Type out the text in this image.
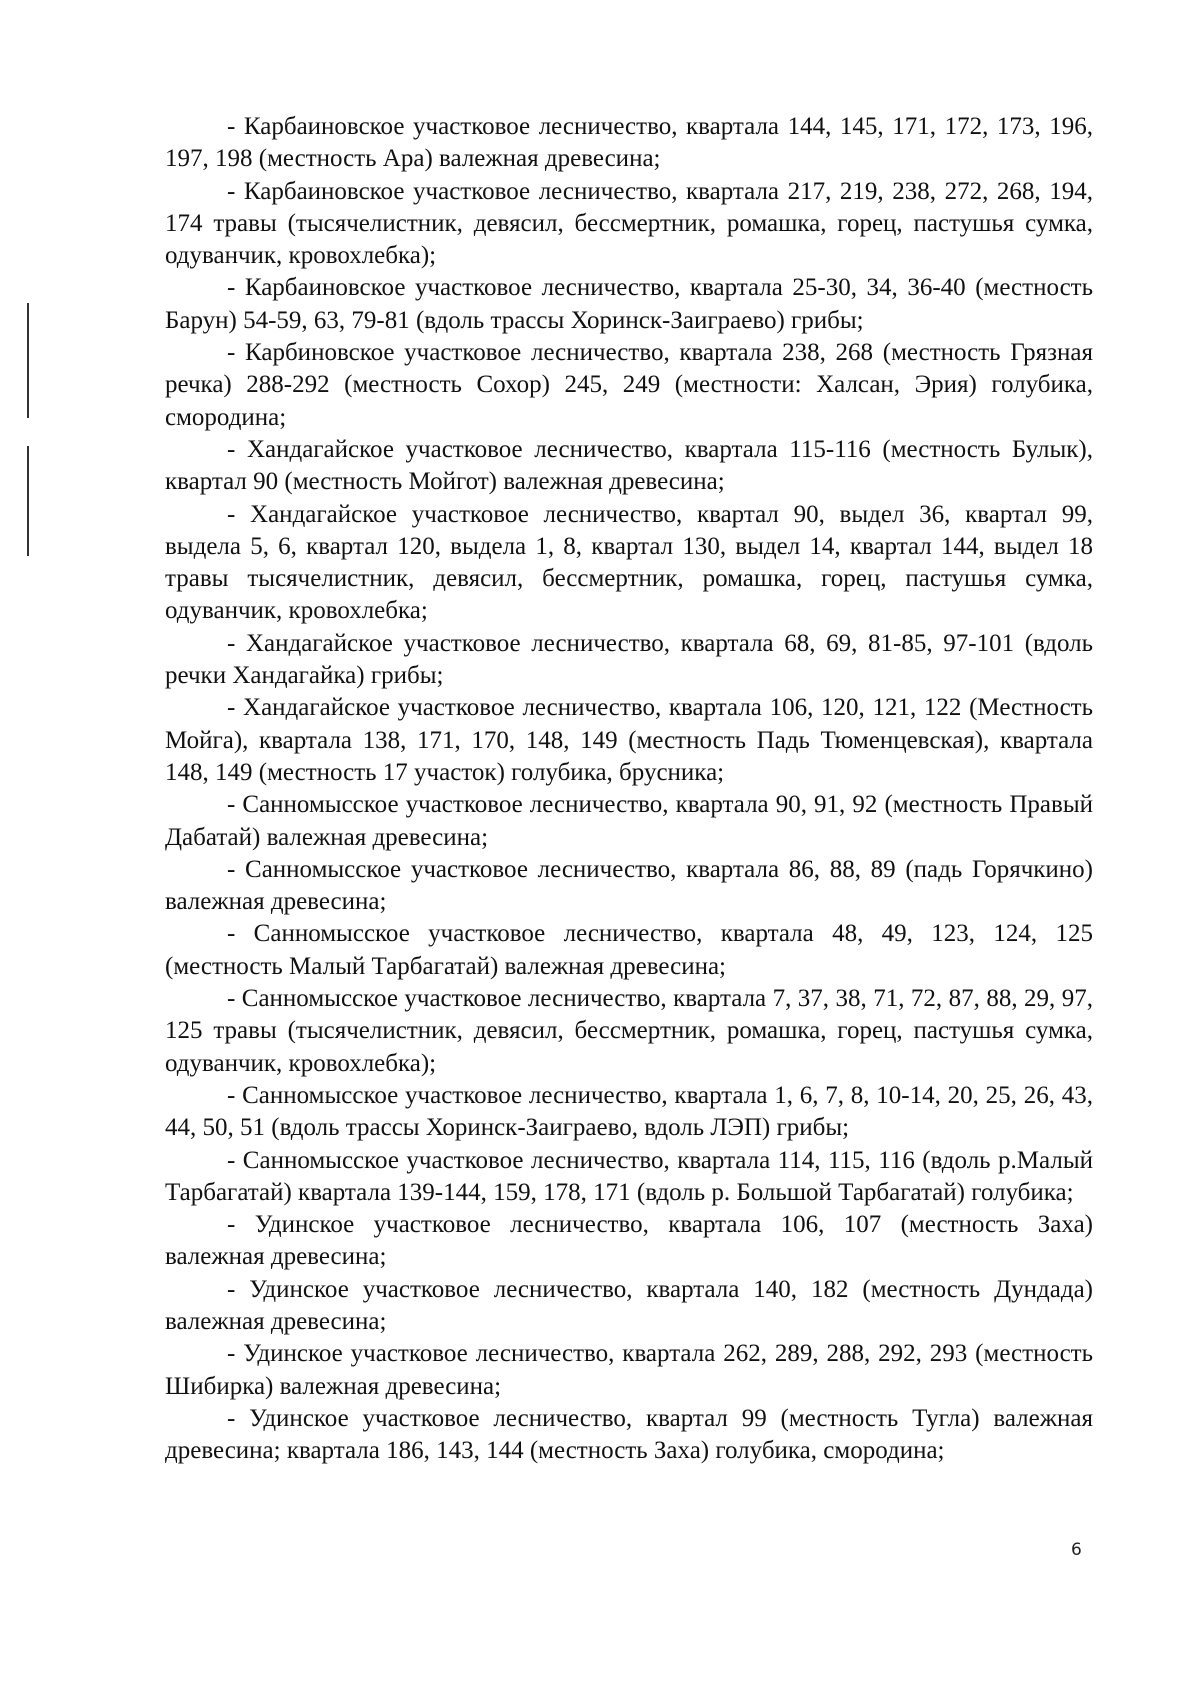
- Карбаиновское участковое лесничество, квартала 144, 145, 171, 172, 173, 196, 197, 198 (местность Ара) валежная древесина;

- Карбаиновское участковое лесничество, квартала 217, 219, 238, 272, 268, 194, 174 травы (тысячелистник, девясил, бессмертник, ромашка, горец, пастушья сумка, одуванчик, кровохлебка);

- Карбаиновское участковое лесничество, квартала 25-30, 34, 36-40 (местность Барун) 54-59, 63, 79-81 (вдоль трассы Хоринск-Заиграево) грибы;

- Карбиновское участковое лесничество, квартала 238, 268 (местность Грязная речка) 288-292 (местность Сохор) 245, 249 (местности: Халсан, Эрия) голубика, смородина;

- Хандагайское участковое лесничество, квартала 115-116 (местность Булык), квартал 90 (местность Мойгот) валежная древесина;

- Хандагайское участковое лесничество, квартал 90, выдел 36, квартал 99, выдела 5, 6, квартал 120, выдела 1, 8, квартал 130, выдел 14, квартал 144, выдел 18 травы тысячелистник, девясил, бессмертник, ромашка, горец, пастушья сумка, одуванчик, кровохлебка;

- Хандагайское участковое лесничество, квартала 68, 69, 81-85, 97-101 (вдоль речки Хандагайка) грибы;

- Хандагайское участковое лесничество, квартала 106, 120, 121, 122 (Местность Мойга), квартала 138, 171, 170, 148, 149 (местность Падь Тюменцевская), квартала 148, 149 (местность 17 участок) голубика, брусника;

- Санномысское участковое лесничество, квартала 90, 91, 92 (местность Правый Дабатай) валежная древесина;

- Санномысское участковое лесничество, квартала 86, 88, 89 (падь Горячкино) валежная древесина;

- Санномысское участковое лесничество, квартала 48, 49, 123, 124, 125 (местность Малый Тарбагатай) валежная древесина;

- Санномысское участковое лесничество, квартала 7, 37, 38, 71, 72, 87, 88, 29, 97, 125 травы (тысячелистник, девясил, бессмертник, ромашка, горец, пастушья сумка, одуванчик, кровохлебка);

- Санномысское участковое лесничество, квартала 1, 6, 7, 8, 10-14, 20, 25, 26, 43, 44, 50, 51 (вдоль трассы Хоринск-Заиграево, вдоль ЛЭП) грибы;

- Санномысское участковое лесничество, квартала 114, 115, 116 (вдоль р.Малый Тарбагатай) квартала 139-144, 159, 178, 171 (вдоль р. Большой Тарбагатай) голубика;

- Удинское участковое лесничество, квартала 106, 107 (местность Заха) валежная древесина;

- Удинское участковое лесничество, квартала 140, 182 (местность Дундада) валежная древесина;

- Удинское участковое лесничество, квартала 262, 289, 288, 292, 293 (местность Шибирка) валежная древесина;

- Удинское участковое лесничество, квартал 99 (местность Тугла) валежная древесина; квартала 186, 143, 144 (местность Заха) голубика, смородина;

6
